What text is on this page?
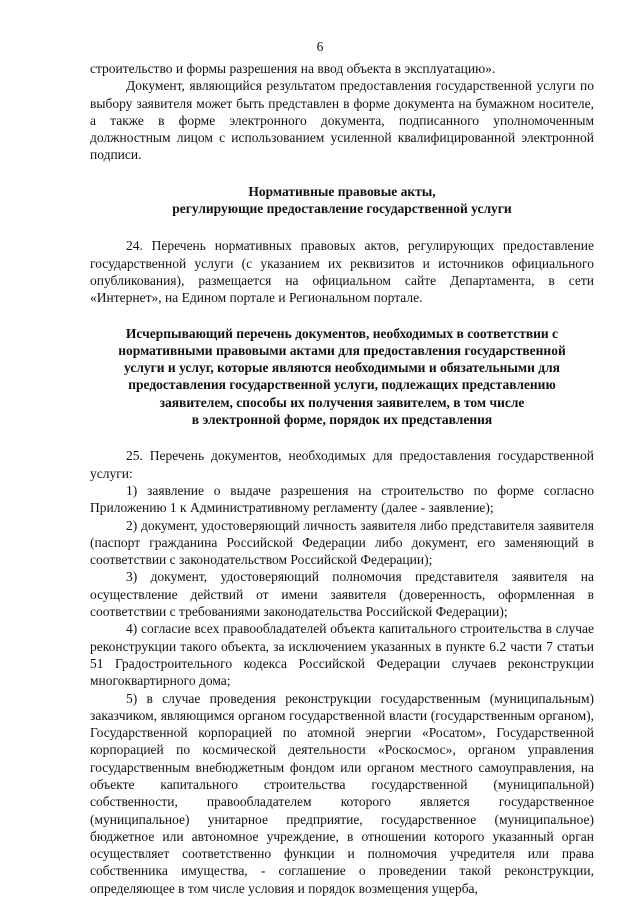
6

строительство и формы разрешения на ввод объекта в эксплуатацию».

Документ, являющийся результатом предоставления государственной услуги по выбору заявителя может быть представлен в форме документа на бумажном носителе, а также в форме электронного документа, подписанного уполномоченным должностным лицом с использованием усиленной квалифицированной электронной подписи.

Нормативные правовые акты,
регулирующие предоставление государственной услуги

24. Перечень нормативных правовых актов, регулирующих предоставление государственной услуги (с указанием их реквизитов и источников официального опубликования), размещается на официальном сайте Департамента, в сети «Интернет», на Едином портале и Региональном портале.

Исчерпывающий перечень документов, необходимых в соответствии с
нормативными правовыми актами для предоставления государственной
услуги и услуг, которые являются необходимыми и обязательными для
предоставления государственной услуги, подлежащих представлению
заявителем, способы их получения заявителем, в том числе
в электронной форме, порядок их представления

25. Перечень документов, необходимых для предоставления государственной услуги:

1) заявление о выдаче разрешения на строительство по форме согласно Приложению 1 к Административному регламенту (далее - заявление);

2) документ, удостоверяющий личность заявителя либо представителя заявителя (паспорт гражданина Российской Федерации либо документ, его заменяющий в соответствии с законодательством Российской Федерации);

3) документ, удостоверяющий полномочия представителя заявителя на осуществление действий от имени заявителя (доверенность, оформленная в соответствии с требованиями законодательства Российской Федерации);

4) согласие всех правообладателей объекта капитального строительства в случае реконструкции такого объекта, за исключением указанных в пункте 6.2 части 7 статьи 51 Градостроительного кодекса Российской Федерации случаев реконструкции многоквартирного дома;

5) в случае проведения реконструкции государственным (муниципальным) заказчиком, являющимся органом государственной власти (государственным органом), Государственной корпорацией по атомной энергии «Росатом», Государственной корпорацией по космической деятельности «Роскосмос», органом управления государственным внебюджетным фондом или органом местного самоуправления, на объекте капитального строительства государственной (муниципальной) собственности, правообладателем которого является государственное (муниципальное) унитарное предприятие, государственное (муниципальное) бюджетное или автономное учреждение, в отношении которого указанный орган осуществляет соответственно функции и полномочия учредителя или права собственника имущества, - соглашение о проведении такой реконструкции, определяющее в том числе условия и порядок возмещения ущерба,
